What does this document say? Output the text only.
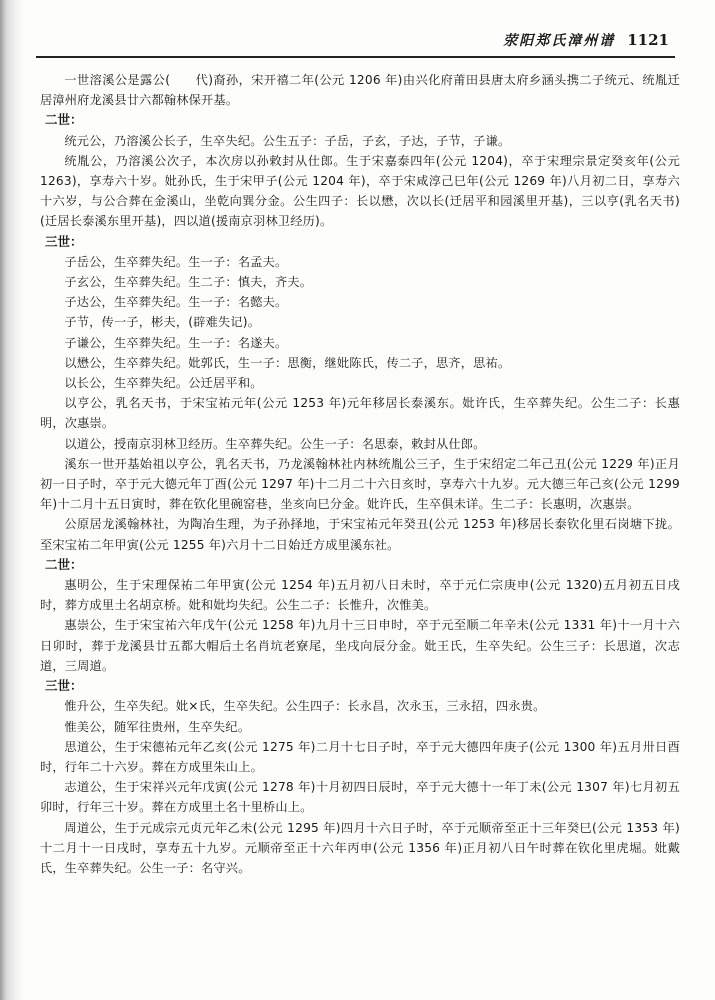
荥阳郑氏漳州谱 1121

一世溶溪公是露公(　　代)裔孙，宋开禧二年(公元 1206 年)由兴化府莆田县唐太府乡涵头携二子统元、统胤迁居漳州府龙溪县廿六都翰林保开基。

二世：

统元公，乃溶溪公长子，生卒失纪。公生五子：子岳，子玄，子达，子节，子谦。

统胤公，乃溶溪公次子，本次房以孙敕封从仕郎。生于宋嘉泰四年(公元 1204)，卒于宋理宗景定癸亥年(公元 1263)，享寿六十岁。妣孙氏，生于宋甲子(公元 1204 年)，卒于宋咸淳己巳年(公元 1269 年)八月初二日，享寿六十六岁，与公合葬在金溪山，坐乾向巽分金。公生四子：长以懋，次以长(迁居平和园溪里开基)，三以亨(乳名天书)(迁居长泰溪东里开基)，四以道(援南京羽林卫经历)。

三世：

子岳公，生卒葬失纪。生一子：名孟夫。

子玄公，生卒葬失纪。生二子：慎夫，齐夫。

子达公，生卒葬失纪。生一子：名懿夫。

子节，传一子，彬夫，(辟难失记)。

子谦公，生卒葬失纪。生一子：名遂夫。

以懋公，生卒葬失纪。妣郭氏，生一子：思衡，继妣陈氏，传二子，思齐，思祐。

以长公，生卒葬失纪。公迁居平和。

以亨公，乳名天书，于宋宝祐元年(公元 1253 年)元年移居长泰溪东。妣许氏，生卒葬失纪。公生二子：长惠明，次惠崇。

以道公，授南京羽林卫经历。生卒葬失纪。公生一子：名思泰，敕封从仕郎。

溪东一世开基始祖以亨公，乳名天书，乃龙溪翰林社内林统胤公三子，生于宋绍定二年己丑(公元 1229 年)正月初一日子时，卒于元大德元年丁酉(公元 1297 年)十二月二十六日亥时，享寿六十九岁。元大德三年己亥(公元 1299 年)十二月十五日寅时，葬在钦化里碗窑巷，坐亥向巳分金。妣许氏，生卒俱未详。生二子：长惠明，次惠崇。

公原居龙溪翰林社，为陶冶生理，为子孙择地，于宋宝祐元年癸丑(公元 1253 年)移居长泰钦化里石岗塘下拢。至宋宝祐二年甲寅(公元 1255 年)六月十二日始迁方成里溪东社。

二世：

惠明公，生于宋理保祐二年甲寅(公元 1254 年)五月初八日未时，卒于元仁宗庚申(公元 1320)五月初五日戌时，葬方成里土名胡京桥。妣和妣均失纪。公生二子：长惟升，次惟美。

惠崇公，生于宋宝祐六年戊午(公元 1258 年)九月十三日申时，卒于元至顺二年辛未(公元 1331 年)十一月十六日卯时，葬于龙溪县廿五都大帽后土名肖坑老寮尾，坐戌向辰分金。妣王氏，生卒失纪。公生三子：长思道，次志道，三周道。

三世：

惟升公，生卒失纪。妣×氏，生卒失纪。公生四子：长永昌，次永玉，三永招，四永贵。

惟美公，随军往贵州，生卒失纪。

思道公，生于宋德祐元年乙亥(公元 1275 年)二月十七日子时，卒于元大德四年庚子(公元 1300 年)五月卅日酉时，行年二十六岁。葬在方成里朱山上。

志道公，生于宋祥兴元年戊寅(公元 1278 年)十月初四日辰时，卒于元大德十一年丁未(公元 1307 年)七月初五卯时，行年三十岁。葬在方成里土名十里桥山上。

周道公，生于元成宗元贞元年乙未(公元 1295 年)四月十六日子时，卒于元顺帝至正十三年癸巳(公元 1353 年)十二月十一日戌时，享寿五十九岁。元顺帝至正十六年丙申(公元 1356 年)正月初八日午时葬在钦化里虎堀。妣戴氏，生卒葬失纪。公生一子：名守兴。
